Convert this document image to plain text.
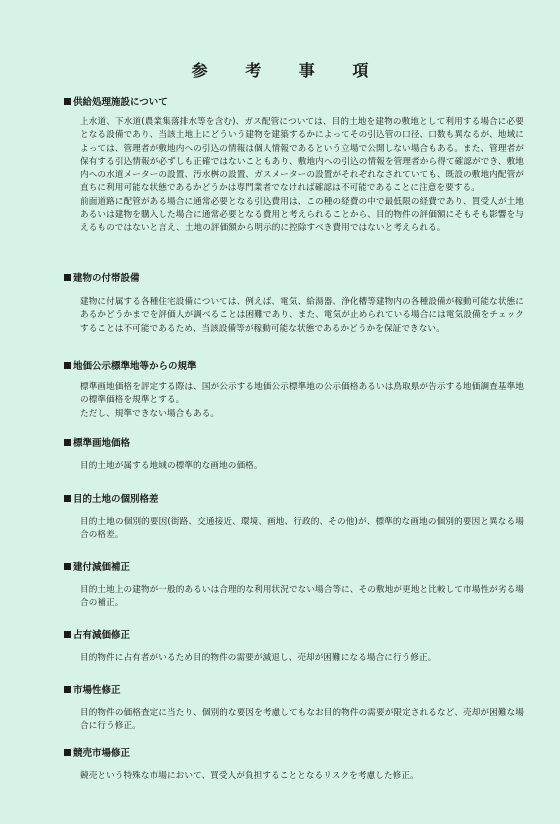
参 考 事 項
供給処理施設について

上水道、下水道(農業集落排水等を含む)、ガス配管については、目的土地を建物の敷地として利用する場合に必要となる設備であり、当該土地上にどういう建物を建築するかによってその引込管の口径、口数も異なるが、地域によっては、管理者が敷地内への引込の情報は個人情報であるという立場で公開しない場合もある。また、管理者が保有する引込情報が必ずしも正確ではないこともあり、敷地内への引込の情報を管理者から得て確認ができ、敷地内への水道メーターの設置、汚水桝の設置、ガスメーターの設置がそれぞれなされていても、既設の敷地内配管が直ちに利用可能な状態であるかどうかは専門業者でなければ確認は不可能であることに注意を要する。

前面道路に配管がある場合に通常必要となる引込費用は、この種の経費の中で最低限の経費であり、買受人が土地あるいは建物を購入した場合に通常必要となる費用と考えられることから、目的物件の評価額にそもそも影響を与えるものではないと言え、土地の評価額から明示的に控除すべき費用ではないと考えられる。

建物の付帯設備

建物に付属する各種住宅設備については、例えば、電気、給湯器、浄化槽等建物内の各種設備が稼動可能な状態にあるかどうかまでを評価人が調べることは困難であり、また、電気が止められている場合には電気設備をチェックすることは不可能であるため、当該設備等が稼動可能な状態であるかどうかを保証できない。

地価公示標準地等からの規準

標準画地価格を評定する際は、国が公示する地価公示標準地の公示価格あるいは鳥取県が告示する地価調査基準地の標準価格を規準とする。

ただし、規準できない場合もある。

標準画地価格

目的土地が属する地域の標準的な画地の価格。

目的土地の個別格差

目的土地の個別的要因(街路、交通接近、環境、画地、行政的、その他)が、標準的な画地の個別的要因と異なる場合の格差。

建付減価補正

目的土地上の建物が一般的あるいは合理的な利用状況でない場合等に、その敷地が更地と比較して市場性が劣る場合の補正。

占有減価修正

目的物件に占有者がいるため目的物件の需要が減退し、売却が困難になる場合に行う修正。

市場性修正

目的物件の価格査定に当たり、個別的な要因を考慮してもなお目的物件の需要が限定されるなど、売却が困難な場合に行う修正。

競売市場修正

競売という特殊な市場において、買受人が負担することとなるリスクを考慮した修正。
